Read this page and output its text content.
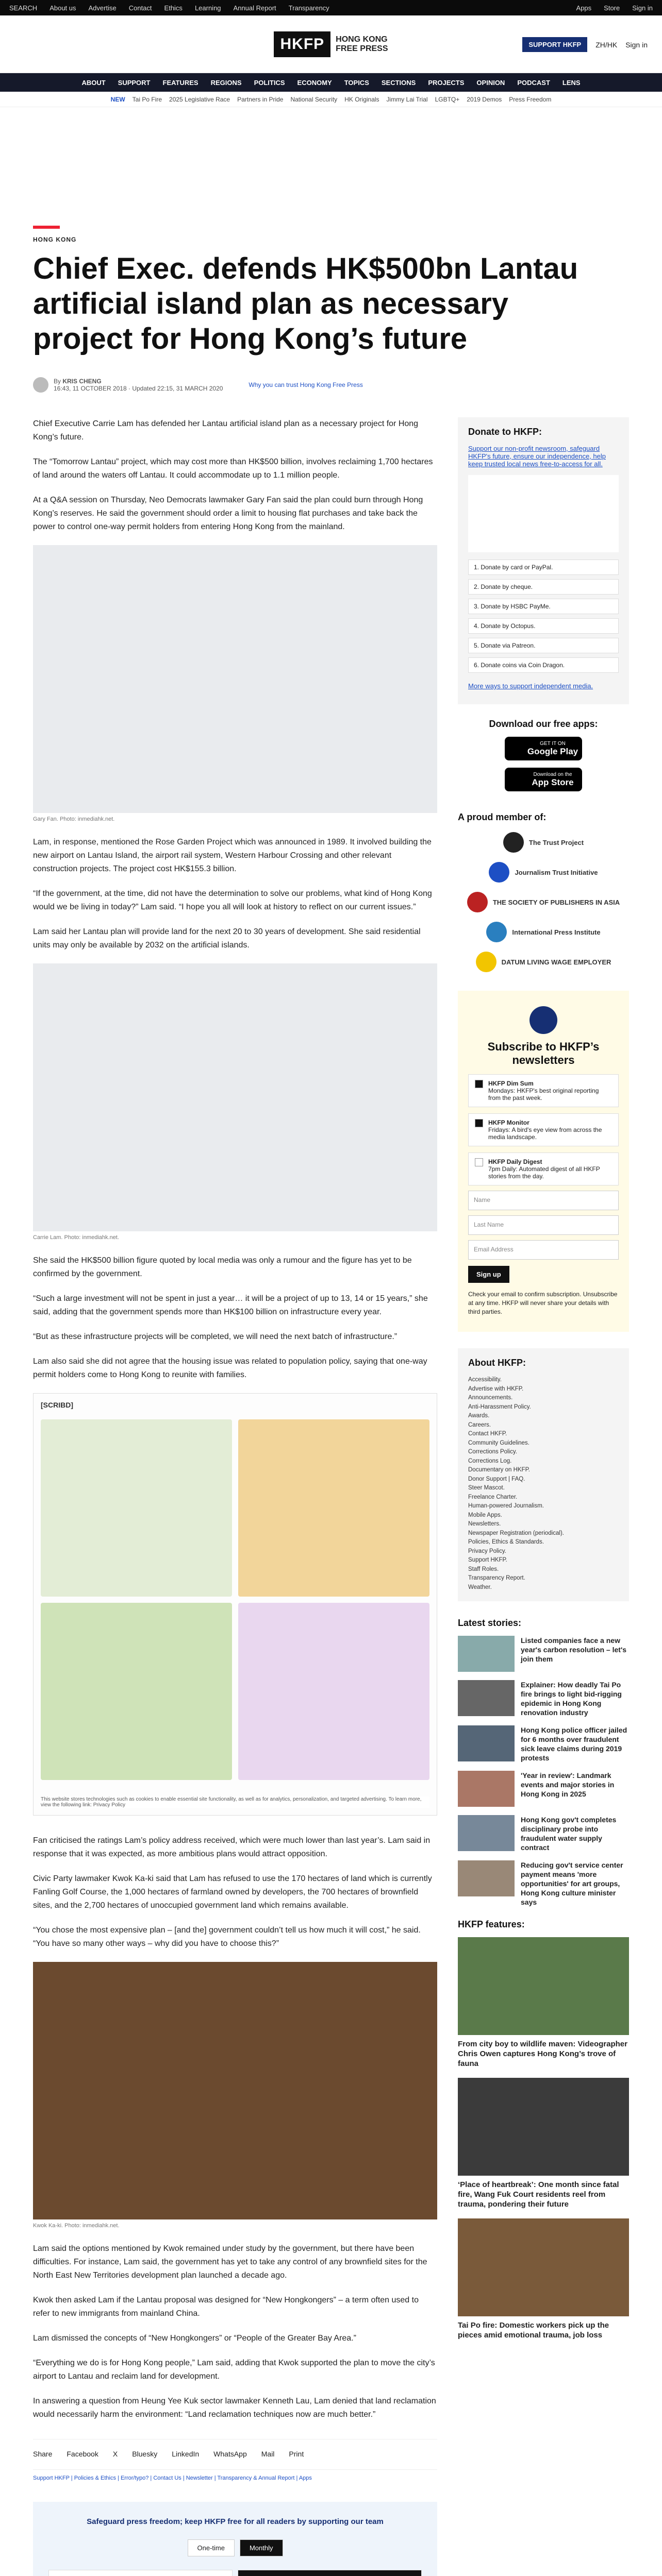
SEARCH About us Advertise Contact Ethics Learning Annual Report Transparency	Apps Store Sign in
HKFP	HONG KONG
FREE PRESS	SUPPORT HKFP	ZH/HK Sign in
ABOUT SUPPORT FEATURES REGIONS POLITICS ECONOMY TOPICS SECTIONS PROJECTS OPINION PODCAST LENS
NEW Tai Po Fire 2025 Legislative Race Partners in Pride National Security HK Originals Jimmy Lai Trial LGBTQ+ 2019 Demos Press Freedom
HONG KONG
Chief Exec. defends HK$500bn Lantau artificial island plan as necessary project for Hong Kong’s future
By KRIS CHENG
16:43, 11 OCTOBER 2018 · Updated 22:15, 31 MARCH 2020	Why you can trust Hong Kong Free Press

Chief Executive Carrie Lam has defended her Lantau artificial island plan as a necessary project for Hong Kong’s future.

The “Tomorrow Lantau” project, which may cost more than HK$500 billion, involves reclaiming 1,700 hectares of land around the waters off Lantau. It could accommodate up to 1.1 million people.

At a Q&A session on Thursday, Neo Democrats lawmaker Gary Fan said the plan could burn through Hong Kong’s reserves. He said the government should order a limit to housing flat purchases and take back the power to control one-way permit holders from entering Hong Kong from the mainland.

Gary Fan. Photo: inmediahk.net.

Lam, in response, mentioned the Rose Garden Project which was announced in 1989. It involved building the new airport on Lantau Island, the airport rail system, Western Harbour Crossing and other relevant construction projects. The project cost HK$155.3 billion.

“If the government, at the time, did not have the determination to solve our problems, what kind of Hong Kong would we be living in today?” Lam said. “I hope you all will look at history to reflect on our current issues.”

Lam said her Lantau plan will provide land for the next 20 to 30 years of development. She said residential units may only be available by 2032 on the artificial islands.

Carrie Lam. Photo: inmediahk.net.

She said the HK$500 billion figure quoted by local media was only a rumour and the figure has yet to be confirmed by the government.

“Such a large investment will not be spent in just a year… it will be a project of up to 13, 14 or 15 years,” she said, adding that the government spends more than HK$100 billion on infrastructure every year.

“But as these infrastructure projects will be completed, we will need the next batch of infrastructure.”

Lam also said she did not agree that the housing issue was related to population policy, saying that one-way permit holders come to Hong Kong to reunite with families.

[SCRIBD]
This website stores technologies such as cookies to enable essential site functionality, as well as for analytics, personalization, and targeted advertising. To learn more, view the following link: Privacy Policy

Fan criticised the ratings Lam’s policy address received, which were much lower than last year’s. Lam said in response that it was expected, as more ambitious plans would attract opposition.

Civic Party lawmaker Kwok Ka-ki said that Lam has refused to use the 170 hectares of land which is currently Fanling Golf Course, the 1,000 hectares of farmland owned by developers, the 700 hectares of brownfield sites, and the 2,700 hectares of unoccupied government land which remains available.

“You chose the most expensive plan – [and the] government couldn’t tell us how much it will cost,” he said. “You have so many other ways – why did you have to choose this?”

Kwok Ka-ki. Photo: inmediahk.net.

Lam said the options mentioned by Kwok remained under study by the government, but there have been difficulties. For instance, Lam said, the government has yet to take any control of any brownfield sites for the North East New Territories development plan launched a decade ago.

Kwok then asked Lam if the Lantau proposal was designed for “New Hongkongers” – a term often used to refer to new immigrants from mainland China.

Lam dismissed the concepts of “New Hongkongers” or “People of the Greater Bay Area.”

“Everything we do is for Hong Kong people,” Lam said, adding that Kwok supported the plan to move the city’s airport to Lantau and reclaim land for development.

In answering a question from Heung Yee Kuk sector lawmaker Kenneth Lau, Lam denied that land reclamation would necessarily harm the environment: “Land reclamation techniques now are much better.”

Share Facebook X Bluesky LinkedIn WhatsApp Mail Print
Support HKFP | Policies & Ethics | Error/typo? | Contact Us | Newsletter | Transparency & Annual Report | Apps
Safeguard press freedom; keep HKFP free for all readers by supporting our team
One-time	Monthly
Donate to HKFP:
Support our non-profit newsroom, safeguard HKFP's future, ensure our independence, help keep trusted local news free-to-access for all.
1. Donate by card or PayPal.
2. Donate by cheque.
3. Donate by HSBC PayMe.
4. Donate by Octopus.
5. Donate via Patreon.
6. Donate coins via Coin Dragon.
More ways to support independent media.
Download our free apps:
GET IT ON
Google Play
Download on the
App Store
A proud member of:
The Trust Project
Journalism Trust Initiative
THE SOCIETY OF PUBLISHERS IN ASIA
International Press Institute
DATUM LIVING WAGE EMPLOYER
Subscribe to HKFP’s newsletters
HKFP Dim Sum
Mondays: HKFP's best original reporting from the past week.
HKFP Monitor
Fridays: A bird's eye view from across the media landscape.
HKFP Daily Digest
7pm Daily: Automated digest of all HKFP stories from the day.
Name
Last Name
Email Address
Sign up
Check your email to confirm subscription. Unsubscribe at any time. HKFP will never share your details with third parties.
About HKFP:
Accessibility.
Advertise with HKFP.
Announcements.
Anti-Harassment Policy.
Awards.
Careers.
Contact HKFP.
Community Guidelines.
Corrections Policy.
Corrections Log.
Documentary on HKFP.
Donor Support | FAQ.
Steer Mascot.
Freelance Charter.
Human-powered Journalism.
Mobile Apps.
Newsletters.
Newspaper Registration (periodical).
Policies, Ethics & Standards.
Privacy Policy.
Support HKFP.
Staff Roles.
Transparency Report.
Weather.
Latest stories:
Listed companies face a new year's carbon resolution – let's join them
Explainer: How deadly Tai Po fire brings to light bid-rigging epidemic in Hong Kong renovation industry
Hong Kong police officer jailed for 6 months over fraudulent sick leave claims during 2019 protests
'Year in review': Landmark events and major stories in Hong Kong in 2025
Hong Kong gov't completes disciplinary probe into fraudulent water supply contract
Reducing gov't service center payment means 'more opportunities' for art groups, Hong Kong culture minister says
HKFP features:
From city boy to wildlife maven: Videographer Chris Owen captures Hong Kong’s trove of fauna
‘Place of heartbreak’: One month since fatal fire, Wang Fuk Court residents reel from trauma, pondering their future
Tai Po fire: Domestic workers pick up the pieces amid emotional trauma, job loss
